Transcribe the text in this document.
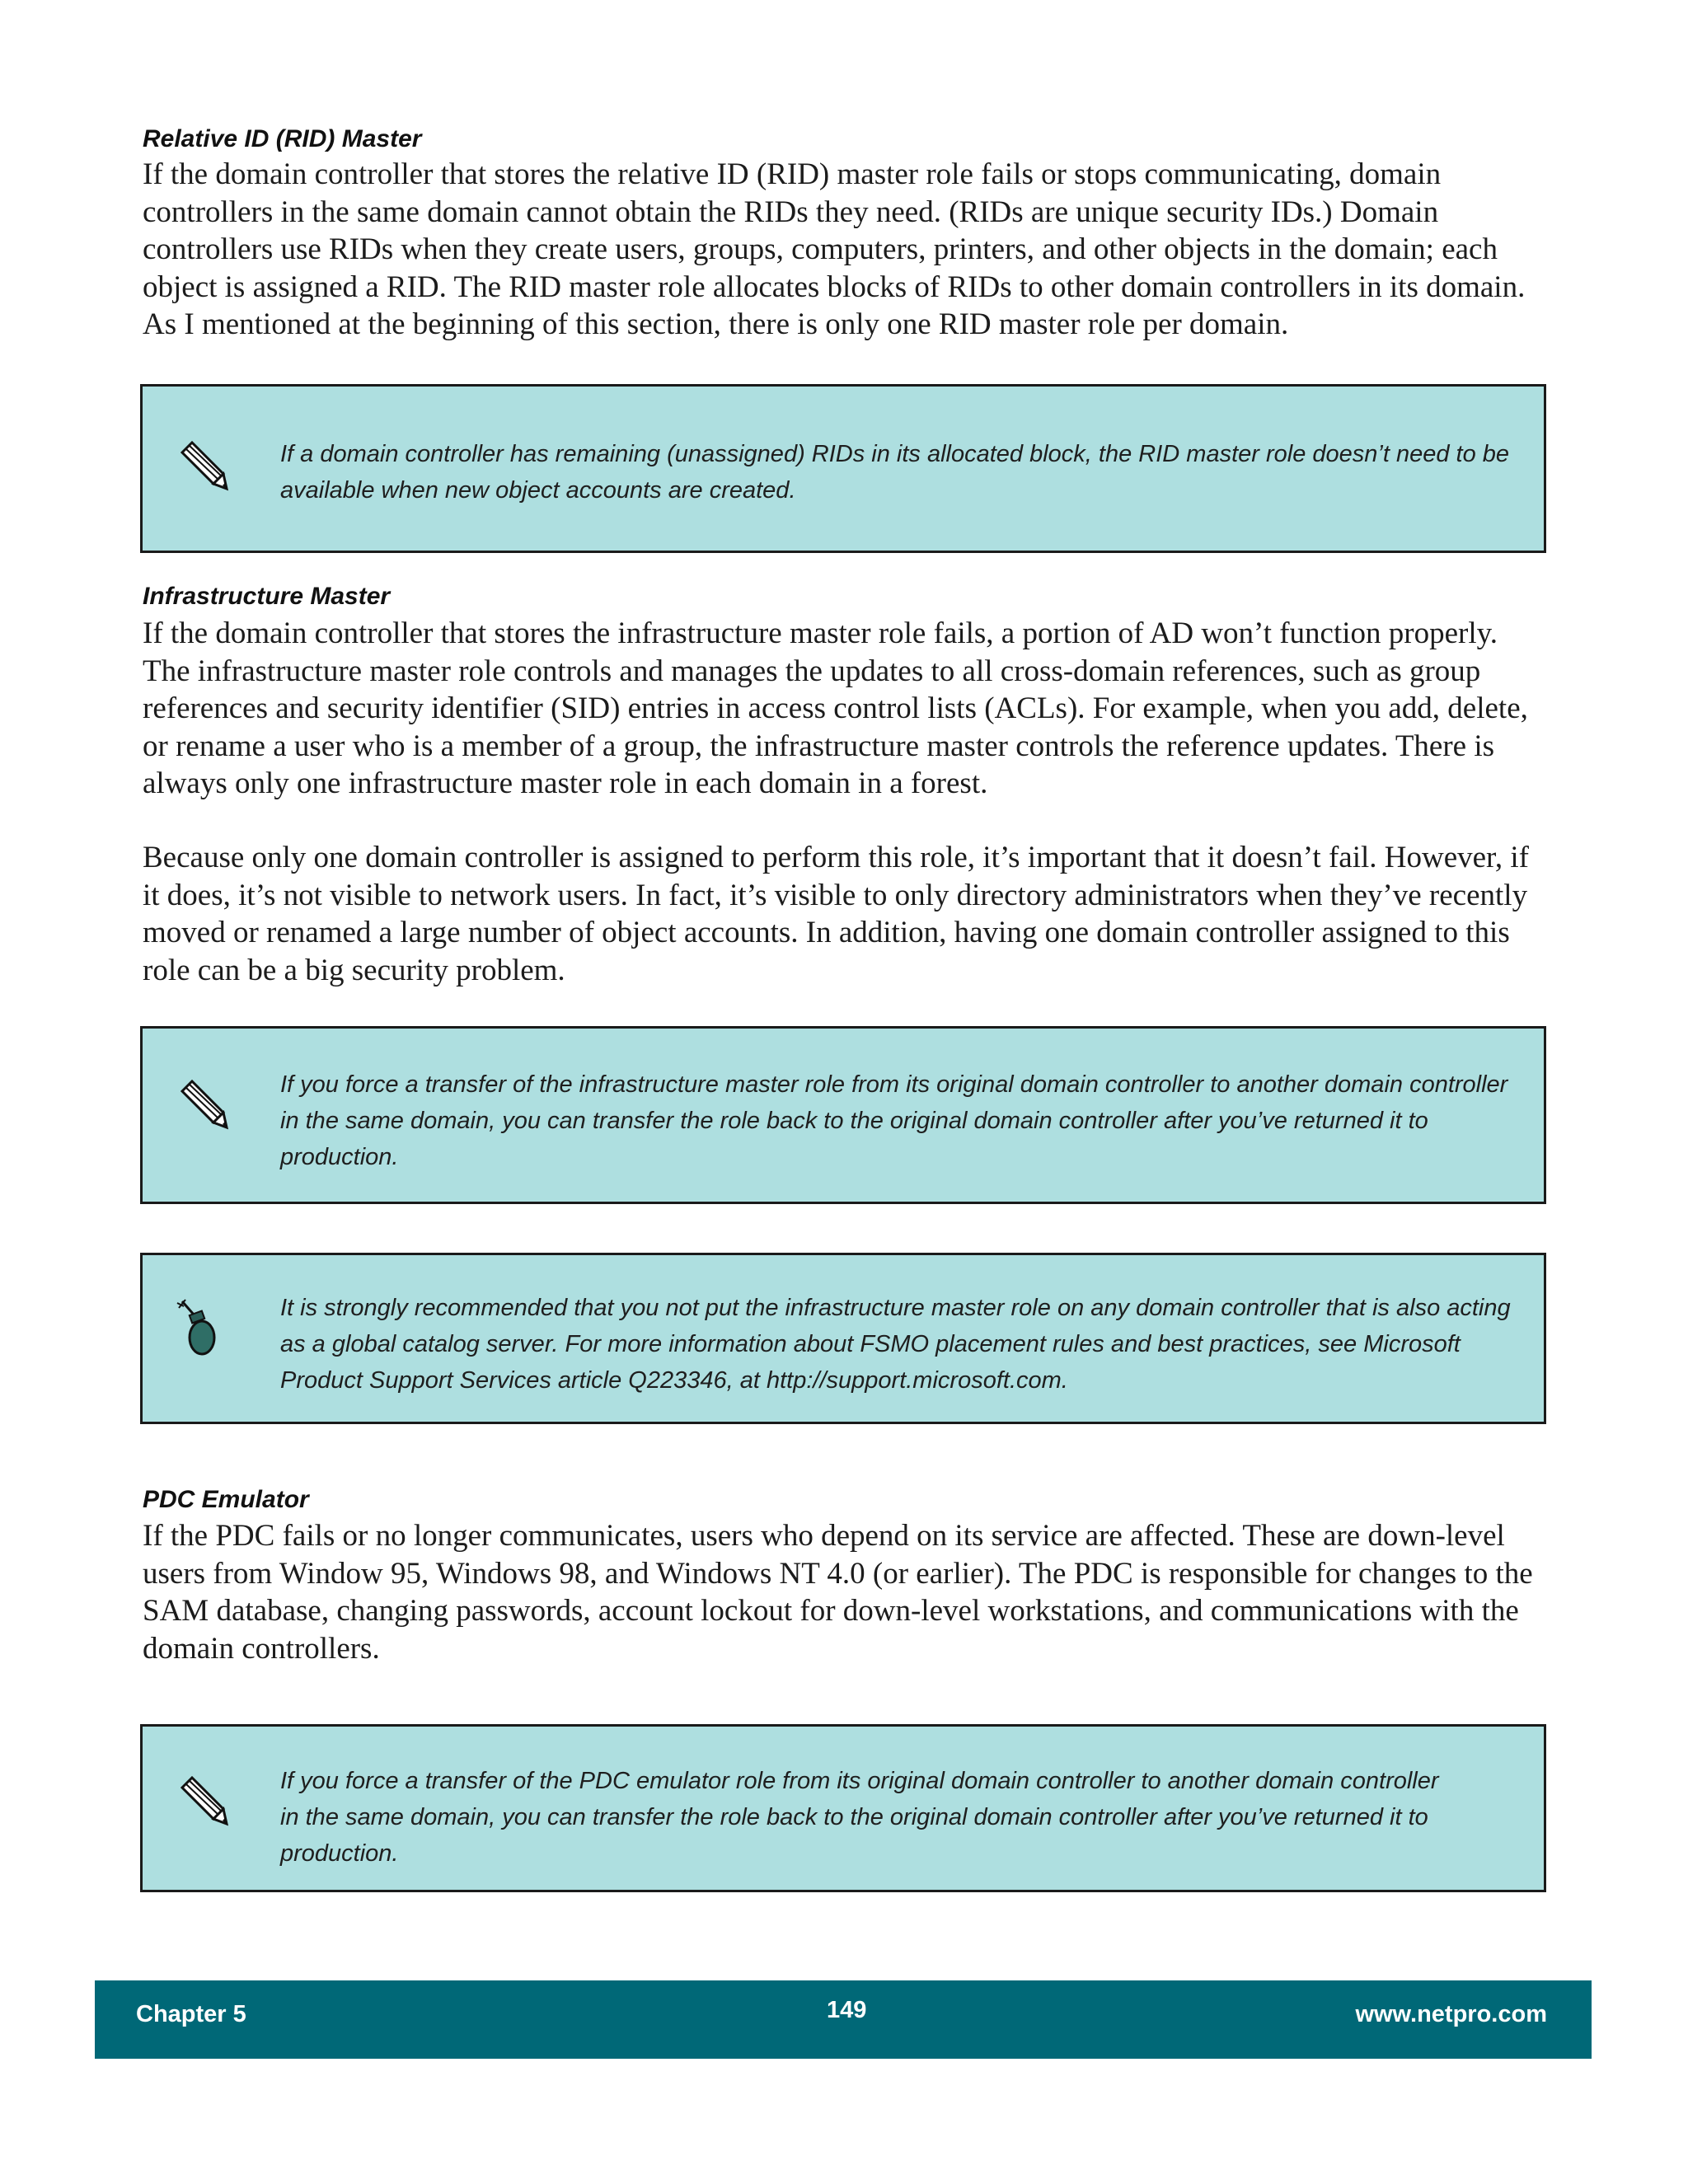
Relative ID (RID) Master

If the domain controller that stores the relative ID (RID) master role fails or stops communicating, domain controllers in the same domain cannot obtain the RIDs they need. (RIDs are unique security IDs.) Domain controllers use RIDs when they create users, groups, computers, printers, and other objects in the domain; each object is assigned a RID. The RID master role allocates blocks of RIDs to other domain controllers in its domain. As I mentioned at the beginning of this section, there is only one RID master role per domain.

If a domain controller has remaining (unassigned) RIDs in its allocated block, the RID master role doesn’t need to be available when new object accounts are created.

Infrastructure Master

If the domain controller that stores the infrastructure master role fails, a portion of AD won’t function properly. The infrastructure master role controls and manages the updates to all cross-domain references, such as group references and security identifier (SID) entries in access control lists (ACLs). For example, when you add, delete, or rename a user who is a member of a group, the infrastructure master controls the reference updates. There is always only one infrastructure master role in each domain in a forest.

Because only one domain controller is assigned to perform this role, it’s important that it doesn’t fail. However, if it does, it’s not visible to network users. In fact, it’s visible to only directory administrators when they’ve recently moved or renamed a large number of object accounts. In addition, having one domain controller assigned to this role can be a big security problem.

If you force a transfer of the infrastructure master role from its original domain controller to another domain controller in the same domain, you can transfer the role back to the original domain controller after you’ve returned it to production.

It is strongly recommended that you not put the infrastructure master role on any domain controller that is also acting as a global catalog server. For more information about FSMO placement rules and best practices, see Microsoft Product Support Services article Q223346, at http://support.microsoft.com.

PDC Emulator

If the PDC fails or no longer communicates, users who depend on its service are affected. These are down-level users from Window 95, Windows 98, and Windows NT 4.0 (or earlier). The PDC is responsible for changes to the SAM database, changing passwords, account lockout for down-level workstations, and communications with the domain controllers.

If you force a transfer of the PDC emulator role from its original domain controller to another domain controller in the same domain, you can transfer the role back to the original domain controller after you’ve returned it to production.

Chapter 5	149	www.netpro.com
